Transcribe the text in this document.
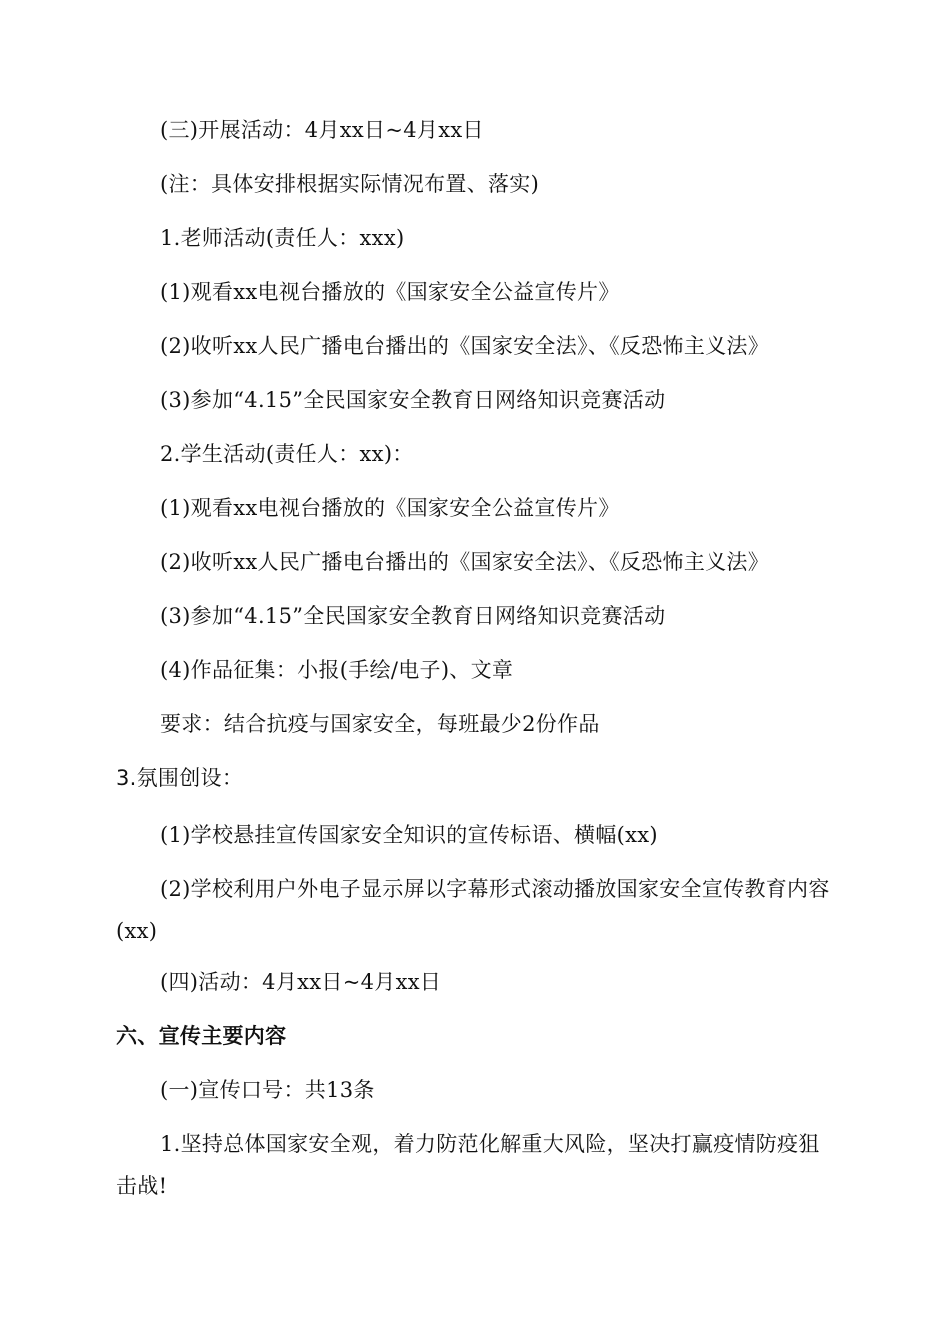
(三)开展活动：4月xx日~4月xx日
(注：具体安排根据实际情况布置、落实)
1.老师活动(责任人：xxx)
(1)观看xx电视台播放的《国家安全公益宣传片》
(2)收听xx人民广播电台播出的《国家安全法》、《反恐怖主义法》
(3)参加“4.15”全民国家安全教育日网络知识竞赛活动
2.学生活动(责任人：xx)：
(1)观看xx电视台播放的《国家安全公益宣传片》
(2)收听xx人民广播电台播出的《国家安全法》、《反恐怖主义法》
(3)参加“4.15”全民国家安全教育日网络知识竞赛活动
(4)作品征集：小报(手绘/电子)、文章
要求：结合抗疫与国家安全，每班最少2份作品
3.氛围创设：
(1)学校悬挂宣传国家安全知识的宣传标语、横幅(xx)
(2)学校利用户外电子显示屏以字幕形式滚动播放国家安全宣传教育内容(xx)
(四)活动：4月xx日~4月xx日
六、宣传主要内容
(一)宣传口号：共13条
1.坚持总体国家安全观，着力防范化解重大风险，坚决打赢疫情防疫狙击战!
